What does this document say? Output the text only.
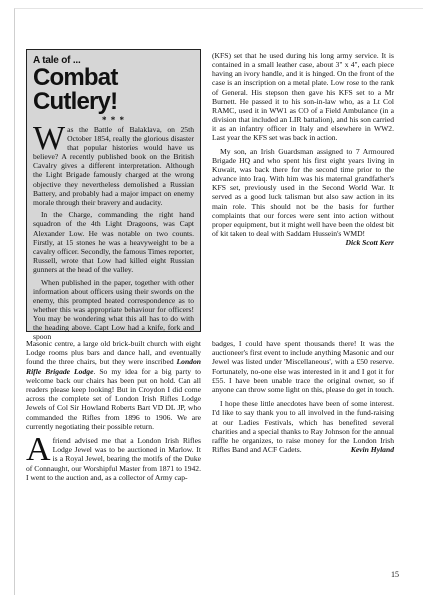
A tale of ...

Combat Cutlery!

* * *

Was the Battle of Balaklava, on 25th October 1854, really the glorious disaster that popular histories would have us believe? A recently published book on the British Cavalry gives a different interpretation. Although the Light Brigade famously charged at the wrong objective they nevertheless demolished a Russian Battery, and probably had a major impact on enemy morale through their bravery and audacity.

In the Charge, commanding the right hand squadron of the 4th Light Dragoons, was Capt Alexander Low. He was notable on two counts. Firstly, at 15 stones he was a heavyweight to be a cavalry officer. Secondly, the famous Times reporter, Russell, wrote that Low had killed eight Russian gunners at the head of the valley.

When published in the paper, together with other information about officers using their swords on the enemy, this prompted heated correspondence as to whether this was appropriate behaviour for officers! You may be wondering what this all has to do with the heading above. Capt Low had a knife, fork and spoon

(KFS) set that he used during his long army service. It is contained in a small leather case, about 3" x 4", each piece having an ivory handle, and it is hinged. On the front of the case is an inscription on a metal plate. Low rose to the rank of General. His stepson then gave his KFS set to a Mr Burnett. He passed it to his son-in-law who, as a Lt Col RAMC, used it in WW1 as CO of a Field Ambulance (in a division that included an LIR battalion), and his son carried it as an infantry officer in Italy and elsewhere in WW2. Last year the KFS set was back in action.

My son, an Irish Guardsman assigned to 7 Armoured Brigade HQ and who spent his first eight years living in Kuwait, was back there for the second time prior to the advance into Iraq. With him was his maternal grandfather's KFS set, previously used in the Second World War. It served as a good luck talisman but also saw action in its main role. This should not be the basis for further complaints that our forces were sent into action without proper equipment, but it might well have been the oldest bit of kit taken to deal with Saddam Hussein's WMD!
Dick Scott Kerr

Masonic centre, a large old brick-built church with eight Lodge rooms plus bars and dance hall, and eventually found the three chairs, but they were inscribed London Rifle Brigade Lodge. So my idea for a big party to welcome back our chairs has been put on hold. Can all readers please keep looking! But in Croydon I did come across the complete set of London Irish Rifles Lodge Jewels of Col Sir Howland Roberts Bart VD DL JP, who commanded the Rifles from 1896 to 1906. We are currently negotiating their possible return.

Afriend advised me that a London Irish Rifles Lodge Jewel was to be auctioned in Marlow. It is a Royal Jewel, bearing the motifs of the Duke of Connaught, our Worshipful Master from 1871 to 1942. I went to the auction and, as a collector of Army cap-

badges, I could have spent thousands there! It was the auctioneer's first event to include anything Masonic and our Jewel was listed under 'Miscellaneous', with a £50 reserve. Fortunately, no-one else was interested in it and I got it for £55. I have been unable trace the original owner, so if anyone can throw some light on this, please do get in touch.

I hope these little anecdotes have been of some interest. I'd like to say thank you to all involved in the fund-raising at our Ladies Festivals, which has benefited several charities and a special thanks to Ray Johnson for the annual raffle he organizes, to raise money for the London Irish Rifles Band and ACF Cadets.	Kevin Hyland

15
